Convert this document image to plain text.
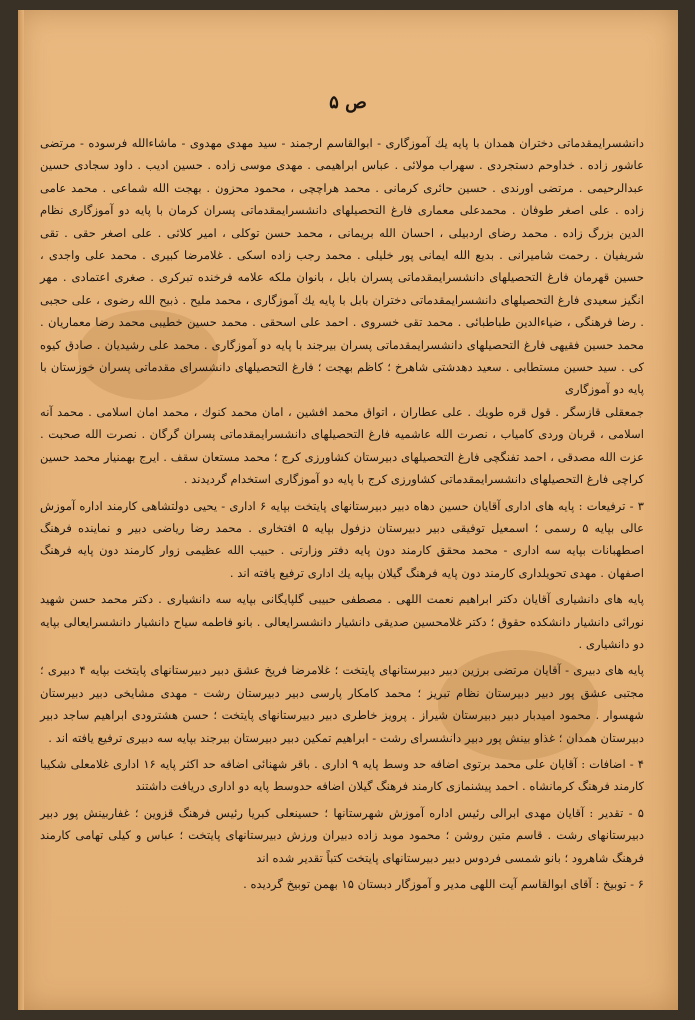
ص ۵

دانشسرایمقدماتی دختران همدان با پایه یك آموزگاری - ابوالقاسم ارجمند - سید مهدی مهدوی - ماشاءالله فرسوده - مرتضی عاشور زاده . خداوحم دستجردی . سهراب مولائی . عباس ابراهیمی . مهدی موسی زاده . حسین ادیب . داود سجادی حسین عبدالرحیمی . مرتضی اورندی . حسین حائری کرمانی . محمد هراچچی ، محمود محزون . بهجت الله شماعی . محمد عامی زاده . علی اصغر طوفان . محمدعلی معماری فارغ التحصیلهای دانشسرایمقدماتی پسران کرمان با پایه دو آموزگاری نظام الدین بزرگ زاده . محمد رضای اردبیلی ، احسان الله بریمانی ، محمد حسن توکلی ، امیر کلاثی . علی اصغر حقی . تقی شریفیان . رحمت شامیرانی . بدیع الله ایمانی پور خلیلی . محمد رجب زاده اسکی . غلامرضا کبیری . محمد علی واجدی ، حسین قهرمان فارغ التحصیلهای دانشسرایمقدماتی پسران بابل ، بانوان ملکه علامه فرخنده تبرکری . صغری اعتمادی . مهر انگیز سعیدی فارغ التحصیلهای دانشسرایمقدماتی دختران بابل با پایه یك آموزگاری ، محمد ملیح . ذبیح الله رضوی ، علی حجبی . رضا فرهنگی ، ضیاءالدین طباطبائی . محمد تقی خسروی . احمد علی اسحقی . محمد حسین خطیبی محمد رضا معماریان . محمد حسین فقیهی فارغ التحصیلهای دانشسرایمقدماتی پسران بیرجند با پایه دو آموزگاری . محمد علی رشیدیان . صادق کیوه کی . سید حسین مستطابی . سعید دهدشتی شاهرخ ؛ کاظم بهجت ؛ فارغ التحصیلهای دانشسرای مقدماتی پسران خوزستان با پایه دو آموزگاری

جمعقلی قازسگر . قول قره طویك . علی عطاران ، اتواق محمد افشین ، امان محمد کنوك ، محمد امان اسلامی . محمد آنه اسلامی ، قربان وردی کامیاب ، نصرت الله عاشمیه فارغ التحصیلهای دانشسرایمقدماتی پسران گرگان . نصرت الله صحبت . عزت الله مصدقی ، احمد تفنگچی فارغ التحصیلهای دبیرستان کشاورزی کرج ؛ محمد مستعان سقف . ایرج بهمنیار محمد حسین کراچی فارغ التحصیلهای دانشسرایمقدماتی کشاورزی کرج با پایه دو آموزگاری استخدام گردیدند .

۳ - ترفیعات : پایه های اداری آقایان حسین دهاه دبیر دبیرستانهای پایتخت بپایه ۶ اداری - یحیی دولتشاهی کارمند اداره آموزش عالی بپایه ۵ رسمی ؛ اسمعیل توفیقی دبیر دبیرستان دزفول بپایه ۵ افتخاری . محمد رضا ریاضی دبیر و نماینده فرهنگ اصطهبانات بپایه سه اداری - محمد محقق کارمند دون پایه دفتر وزارتی . حبیب الله عظیمی زوار کارمند دون پایه فرهنگ اصفهان . مهدی تحویلداری کارمند دون پایه فرهنگ گیلان بپایه یك اداری ترفیع یافته اند .

پایه های دانشیاری آقایان دکتر ابراهیم نعمت اللهی . مصطفی حبیبی گلپایگانی بپایه سه دانشیاری . دکتر محمد حسن شهید نورائی دانشیار دانشکده حقوق ؛ دکتر غلامحسین صدیقی دانشیار دانشسرایعالی . بانو فاطمه سیاح دانشیار دانشسرایعالی بپایه دو دانشیاری .

پایه های دبیری - آقایان مرتضی برزین دبیر دبیرستانهای پایتخت ؛ غلامرضا فریخ عشق دبیر دبیرستانهای پایتخت بپایه ۴ دبیری ؛ مجتبی عشق پور دبیر دبیرستان نظام تبریز ؛ محمد کامکار پارسی دبیر دبیرستان رشت - مهدی مشایخی دبیر دبیرستان شهسوار . محمود امیدبار دبیر دبیرستان شیراز . پرویز خاطری دبیر دبیرستانهای پایتخت ؛ حسن هشترودی ابراهیم ساجد دبیر دبیرستان همدان ؛ غذاو بینش پور دبیر دانشسرای رشت - ابراهیم تمکین دبیر دبیرستان بیرجند بپایه سه دبیری ترفیع یافته اند .

۴ - اضافات : آقایان علی محمد برتوی اضافه حد وسط پایه ۹ اداری . باقر شهنائی اضافه حد اکثر پایه ۱۶ اداری غلامعلی شکیبا کارمند فرهنگ کرمانشاه . احمد پیشنمازی کارمند فرهنگ گیلان اضافه حدوسط پایه دو اداری دریافت داشتند

۵ - تقدیر : آقایان مهدی ابرالی رئیس اداره آموزش شهرستانها ؛ حسینعلی کبریا رئیس فرهنگ قزوین ؛ غفاربینش پور دبیر دبیرستانهای رشت . قاسم متین روشن ؛ محمود موبد زاده دبیران ورزش دبیرستانهای پایتخت ؛ عباس و کیلی تهامی کارمند فرهنگ شاهرود ؛ بانو شمسی فردوس دبیر دبیرستانهای پایتخت کتباً تقدیر شده اند

۶ - توبیخ : آقای ابوالقاسم آیت اللهی مدیر و آموزگار دبستان ۱۵ بهمن توبیخ گردیده .
